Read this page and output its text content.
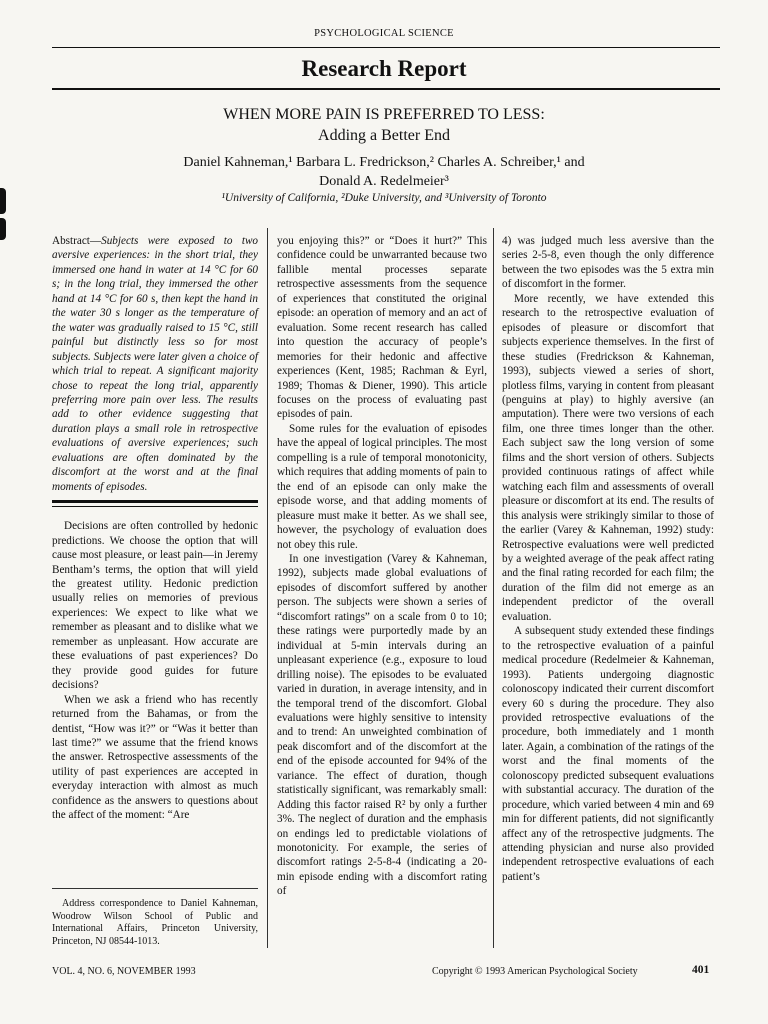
PSYCHOLOGICAL SCIENCE
Research Report
WHEN MORE PAIN IS PREFERRED TO LESS:
Adding a Better End
Daniel Kahneman,¹ Barbara L. Fredrickson,² Charles A. Schreiber,¹ and
Donald A. Redelmeier³
¹University of California, ²Duke University, and ³University of Toronto

Abstract—Subjects were exposed to two aversive experiences: in the short trial, they immersed one hand in water at 14 °C for 60 s; in the long trial, they immersed the other hand at 14 °C for 60 s, then kept the hand in the water 30 s longer as the temperature of the water was gradually raised to 15 °C, still painful but distinctly less so for most subjects. Subjects were later given a choice of which trial to repeat. A significant majority chose to repeat the long trial, apparently preferring more pain over less. The results add to other evidence suggesting that duration plays a small role in retrospective evaluations of aversive experiences; such evaluations are often dominated by the discomfort at the worst and at the final moments of episodes.

Decisions are often controlled by hedonic predictions. We choose the option that will cause most pleasure, or least pain—in Jeremy Bentham’s terms, the option that will yield the greatest utility. Hedonic prediction usually relies on memories of previous experiences: We expect to like what we remember as pleasant and to dislike what we remember as unpleasant. How accurate are these evaluations of past experiences? Do they provide good guides for future decisions?

When we ask a friend who has recently returned from the Bahamas, or from the dentist, “How was it?” or “Was it better than last time?” we assume that the friend knows the answer. Retrospective assessments of the utility of past experiences are accepted in everyday interaction with almost as much confidence as the answers to questions about the affect of the moment: “Are

Address correspondence to Daniel Kahneman, Woodrow Wilson School of Public and International Affairs, Princeton University, Princeton, NJ 08544-1013.

you enjoying this?” or “Does it hurt?” This confidence could be unwarranted because two fallible mental processes separate retrospective assessments from the sequence of experiences that constituted the original episode: an operation of memory and an act of evaluation. Some recent research has called into question the accuracy of people’s memories for their hedonic and affective experiences (Kent, 1985; Rachman & Eyrl, 1989; Thomas & Diener, 1990). This article focuses on the process of evaluating past episodes of pain.

Some rules for the evaluation of episodes have the appeal of logical principles. The most compelling is a rule of temporal monotonicity, which requires that adding moments of pain to the end of an episode can only make the episode worse, and that adding moments of pleasure must make it better. As we shall see, however, the psychology of evaluation does not obey this rule.

In one investigation (Varey & Kahneman, 1992), subjects made global evaluations of episodes of discomfort suffered by another person. The subjects were shown a series of “discomfort ratings” on a scale from 0 to 10; these ratings were purportedly made by an individual at 5-min intervals during an unpleasant experience (e.g., exposure to loud drilling noise). The episodes to be evaluated varied in duration, in average intensity, and in the temporal trend of the discomfort. Global evaluations were highly sensitive to intensity and to trend: An unweighted combination of peak discomfort and of the discomfort at the end of the episode accounted for 94% of the variance. The effect of duration, though statistically significant, was remarkably small: Adding this factor raised R² by only a further 3%. The neglect of duration and the emphasis on endings led to predictable violations of monotonicity. For example, the series of discomfort ratings 2-5-8-4 (indicating a 20-min episode ending with a discomfort rating of

4) was judged much less aversive than the series 2-5-8, even though the only difference between the two episodes was the 5 extra min of discomfort in the former.

More recently, we have extended this research to the retrospective evaluation of episodes of pleasure or discomfort that subjects experience themselves. In the first of these studies (Fredrickson & Kahneman, 1993), subjects viewed a series of short, plotless films, varying in content from pleasant (penguins at play) to highly aversive (an amputation). There were two versions of each film, one three times longer than the other. Each subject saw the long version of some films and the short version of others. Subjects provided continuous ratings of affect while watching each film and assessments of overall pleasure or discomfort at its end. The results of this analysis were strikingly similar to those of the earlier (Varey & Kahneman, 1992) study: Retrospective evaluations were well predicted by a weighted average of the peak affect rating and the final rating recorded for each film; the duration of the film did not emerge as an independent predictor of the overall evaluation.

A subsequent study extended these findings to the retrospective evaluation of a painful medical procedure (Redelmeier & Kahneman, 1993). Patients undergoing diagnostic colonoscopy indicated their current discomfort every 60 s during the procedure. They also provided retrospective evaluations of the procedure, both immediately and 1 month later. Again, a combination of the ratings of the worst and the final moments of the colonoscopy predicted subsequent evaluations with substantial accuracy. The duration of the procedure, which varied between 4 min and 69 min for different patients, did not significantly affect any of the retrospective judgments. The attending physician and nurse also provided independent retrospective evaluations of each patient’s

VOL. 4, NO. 6, NOVEMBER 1993	Copyright © 1993 American Psychological Society	401
